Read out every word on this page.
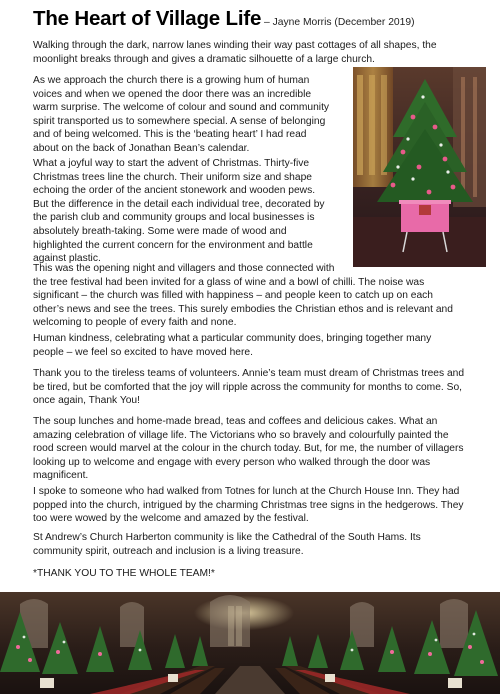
The Heart of Village Life – Jayne Morris (December 2019)

Walking through the dark, narrow lanes winding their way past cottages of all shapes, the
moonlight breaks through and gives a dramatic silhouette of a large church.

As we approach the church there is a growing hum of human
voices and when we opened the door there was an incredible
warm surprise. The welcome of colour and sound and community
spirit transported us to somewhere special. A sense of belonging
and of being welcomed. This is the ‘beating heart’ I had read
about on the back of Jonathan Bean’s calendar.

What a joyful way to start the advent of Christmas. Thirty-five
Christmas trees line the church. Their uniform size and shape
echoing the order of the ancient stonework and wooden pews.
But the difference in the detail each individual tree, decorated by
the parish club and community groups and local businesses is
absolutely breath-taking. Some were made of wood and
highlighted the current concern for the environment and battle
against plastic.

This was the opening night and villagers and those connected with
the tree festival had been invited for a glass of wine and a bowl of chilli. The noise was
significant – the church was filled with happiness – and people keen to catch up on each
other’s news and see the trees. This surely embodies the Christian ethos and is relevant and
welcoming to people of every faith and none.

Human kindness, celebrating what a particular community does, bringing together many
people – we feel so excited to have moved here.

Thank you to the tireless teams of volunteers. Annie’s team must dream of Christmas trees and
be tired, but be comforted that the joy will ripple across the community for months to come. So,
once again, Thank You!

The soup lunches and home-made bread, teas and coffees and delicious cakes. What an
amazing celebration of village life. The Victorians who so bravely and colourfully painted the
rood screen would marvel at the colour in the church today. But, for me, the number of villagers
looking up to welcome and engage with every person who walked through the door was
magnificent.

I spoke to someone who had walked from Totnes for lunch at the Church House Inn. They had
popped into the church, intrigued by the charming Christmas tree signs in the hedgerows. They
too were wowed by the welcome and amazed by the festival.

St Andrew’s Church Harberton community is like the Cathedral of the South Hams. Its
community spirit, outreach and inclusion is a living treasure.

*THANK YOU TO THE WHOLE TEAM!*
